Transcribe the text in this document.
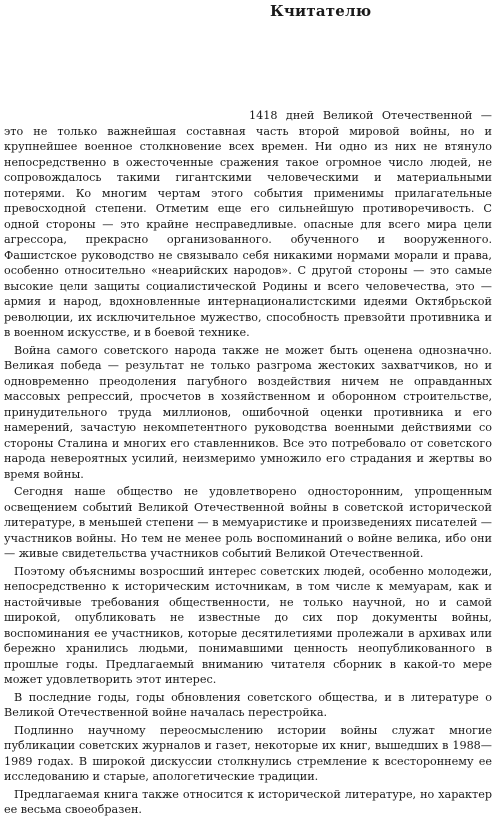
Кчитателю

1418 дней Великой Отечественной — это не только важнейшая составная часть второй мировой войны, но и крупнейшее военное столкновение всех времен. Ни одно из них не втянуло непосредственно в ожесточенные сражения такое огромное число людей, не сопровождалось такими гигантскими человеческими и материальными потерями. Ко многим чертам этого события применимы прилагательные превосходной степени. Отметим еще его сильнейшую противоречивость. С одной стороны — это крайне несправедливые. опасные для всего мира цели агрессора, прекрасно организованного. обученного и вооруженного. Фашистское руководство не связывало себя никакими нормами морали и права, особенно относительно «неарийских народов». С другой стороны — это самые высокие цели защиты социалистической Родины и всего человечества, это — армия и народ, вдохновленные интернационалистскими идеями Октябрьской революции, их исключительное мужество, способность превзойти противника и в военном искусстве, и в боевой технике.

Война самого советского народа также не может быть оценена однозначно. Великая победа — результат не только разгрома жестоких захватчиков, но и одновременно преодоления пагубного воздействия ничем не оправданных массовых репрессий, просчетов в хозяйственном и оборонном строительстве, принудительного труда миллионов, ошибочной оценки противника и его намерений, зачастую некомпетентного руководства военными действиями со стороны Сталина и многих его ставленников. Все это потребовало от советского народа невероятных усилий, неизмеримо умножило его страдания и жертвы во время войны.

Сегодня наше общество не удовлетворено односторонним, упрощенным освещением событий Великой Отечественной войны в советской исторической литературе, в меньшей степени — в мемуаристике и произведениях писателей — участников войны. Но тем не менее роль воспоминаний о войне велика, ибо они — живые свидетельства участников событий Великой Отечественной.

Поэтому объяснимы возросший интерес советских людей, особенно молодежи, непосредственно к историческим источникам, в том числе к мемуарам, как и настойчивые требования общественности, не только научной, но и самой широкой, опубликовать не известные до сих пор документы войны, воспоминания ее участников, которые десятилетиями пролежали в архивах или бережно хранились людьми, понимавшими ценность неопубликованного в прошлые годы. Предлагаемый вниманию читателя сборник в какой-то мере может удовлетворить этот интерес.

В последние годы, годы обновления советского общества, и в литературе о Великой Отечественной войне началась перестройка.

Подлинно научному переосмыслению истории войны служат многие публикации советских журналов и газет, некоторые их книг, вышедших в 1988—1989 годах. В широкой дискуссии столкнулись стремление к всестороннему ее исследованию и старые, апологетические традиции.

Предлагаемая книга также относится к исторической литературе, но характер ее весьма своеобразен.
